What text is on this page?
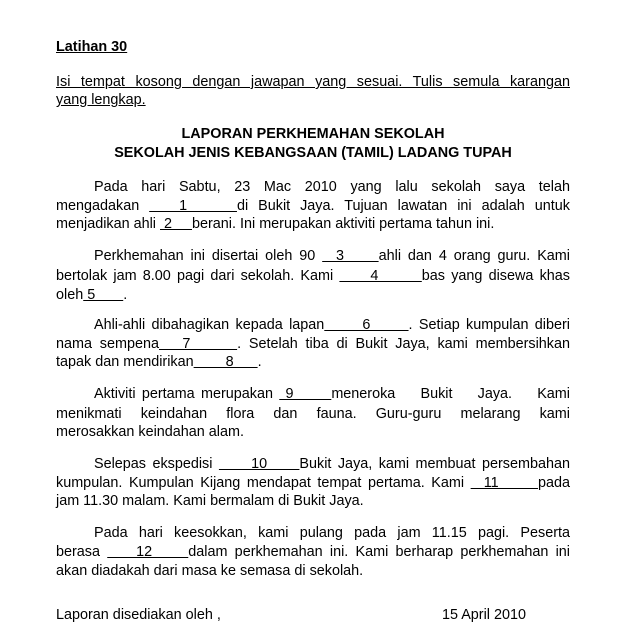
Latihan 30
Isi tempat kosong dengan jawapan yang sesuai. Tulis semula karangan
yang lengkap.
LAPORAN PERKHEMAHAN SEKOLAH
SEKOLAH JENIS KEBANGSAAN (TAMIL) LADANG TUPAH

Pada hari Sabtu, 23 Mac 2010 yang lalu sekolah saya telah

mengadakan    1     di Bukit Jaya. Tujuan lawatan ini adalah untuk

menjadikan ahli  2     berani. Ini merupakan aktiviti pertama tahun ini.

Perkhemahan ini disertai oleh 90   3     ahli dan 4 orang guru. Kami

bertolak jam 8.00 pagi dari sekolah. Kami      4       bas yang disewa khas

oleh 5       .

Ahli-ahli dibahagikan kepada lapan      6      . Setiap kumpulan diberi

nama sempena   7      . Setelah tiba di Bukit Jaya, kami membersihkan

tapak dan mendirikan        8      .

Aktiviti pertama merupakan  9      meneroka    Bukit    Jaya.    Kami

menikmati   keindahan   flora   dan   fauna.   Guru-guru   melarang   kami

merosakkan keindahan alam.

Selepas ekspedisi      10     Bukit Jaya, kami membuat persembahan

kumpulan. Kumpulan Kijang mendapat tempat pertama. Kami   11      pada

jam 11.30 malam. Kami bermalam di Bukit Jaya.

Pada hari keesokkan, kami pulang pada jam 11.15 pagi. Peserta

berasa     12     dalam perkhemahan ini. Kami berharap perkhemahan ini

akan diadakah dari masa ke semasa di sekolah.

Laporan disediakan oleh ,	15 April 2010
